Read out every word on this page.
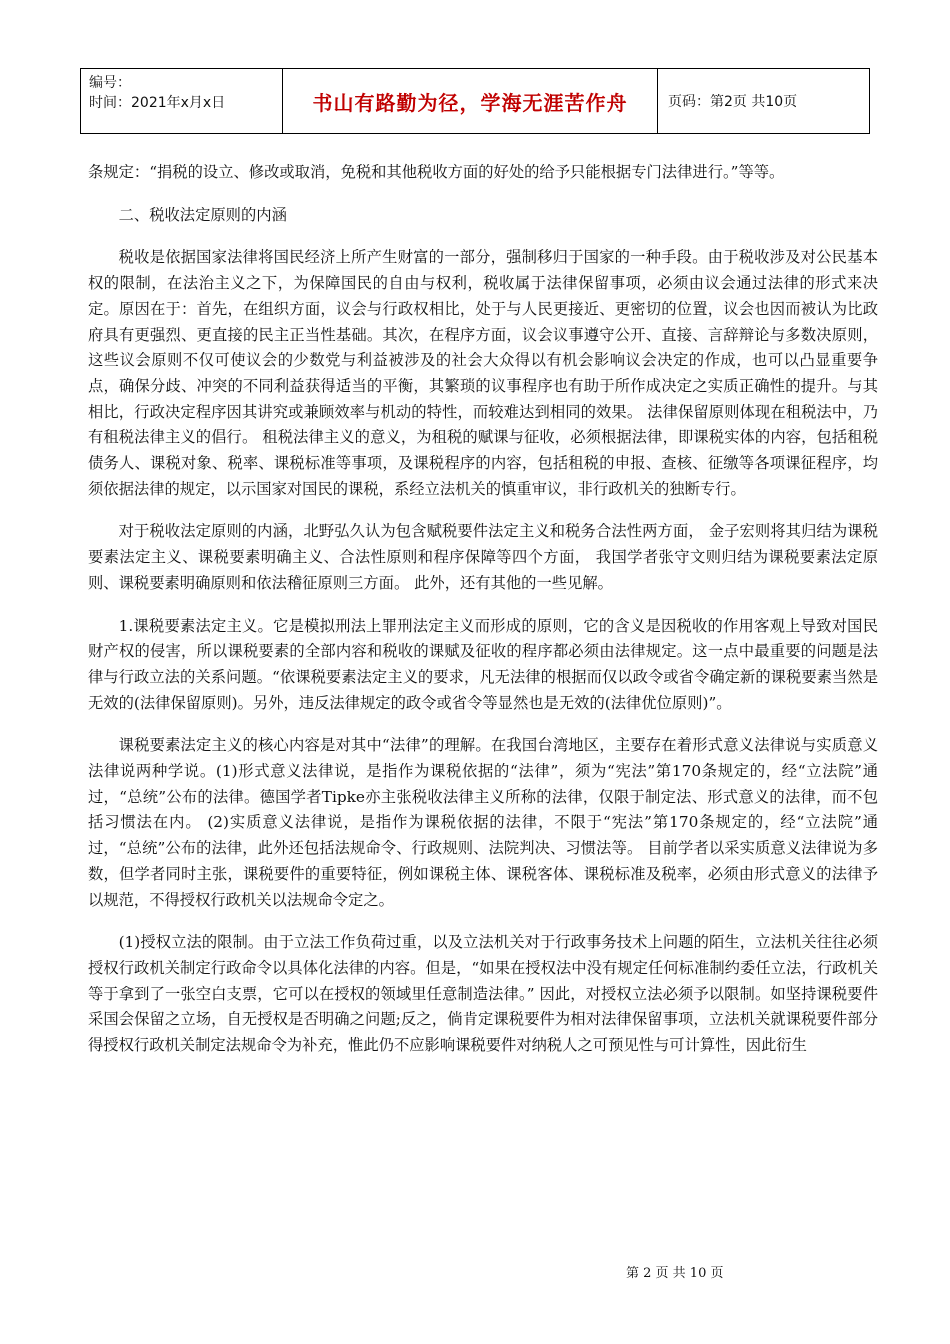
编号：
时间：2021年x月x日	书山有路勤为径，学海无涯苦作舟	页码：第2页 共10页

条规定：“捐税的设立、修改或取消，免税和其他税收方面的好处的给予只能根据专门法律进行。”等等。

二、税收法定原则的内涵

税收是依据国家法律将国民经济上所产生财富的一部分，强制移归于国家的一种手段。由于税收涉及对公民基本权的限制，在法治主义之下，为保障国民的自由与权利，税收属于法律保留事项，必须由议会通过法律的形式来决定。原因在于：首先，在组织方面，议会与行政权相比，处于与人民更接近、更密切的位置，议会也因而被认为比政府具有更强烈、更直接的民主正当性基础。其次，在程序方面，议会议事遵守公开、直接、言辞辩论与多数决原则，这些议会原则不仅可使议会的少数党与利益被涉及的社会大众得以有机会影响议会决定的作成，也可以凸显重要争点，确保分歧、冲突的不同利益获得适当的平衡，其繁琐的议事程序也有助于所作成决定之实质正确性的提升。与其相比，行政决定程序因其讲究或兼顾效率与机动的特性，而较难达到相同的效果。 法律保留原则体现在租税法中，乃有租税法律主义的倡行。 租税法律主义的意义，为租税的赋课与征收，必须根据法律，即课税实体的内容，包括租税债务人、课税对象、税率、课税标准等事项，及课税程序的内容，包括租税的申报、查核、征缴等各项课征程序，均须依据法律的规定，以示国家对国民的课税，系经立法机关的慎重审议，非行政机关的独断专行。

对于税收法定原则的内涵，北野弘久认为包含赋税要件法定主义和税务合法性两方面， 金子宏则将其归结为课税要素法定主义、课税要素明确主义、合法性原则和程序保障等四个方面， 我国学者张守文则归结为课税要素法定原则、课税要素明确原则和依法稽征原则三方面。 此外，还有其他的一些见解。

1.课税要素法定主义。它是模拟刑法上罪刑法定主义而形成的原则，它的含义是因税收的作用客观上导致对国民财产权的侵害，所以课税要素的全部内容和税收的课赋及征收的程序都必须由法律规定。这一点中最重要的问题是法律与行政立法的关系问题。“依课税要素法定主义的要求，凡无法律的根据而仅以政令或省令确定新的课税要素当然是无效的(法律保留原则)。另外，违反法律规定的政令或省令等显然也是无效的(法律优位原则)”。

课税要素法定主义的核心内容是对其中“法律”的理解。在我国台湾地区，主要存在着形式意义法律说与实质意义法律说两种学说。(1)形式意义法律说，是指作为课税依据的“法律”，须为“宪法”第170条规定的，经“立法院”通过，“总统”公布的法律。德国学者Tipke亦主张税收法律主义所称的法律，仅限于制定法、形式意义的法律，而不包括习惯法在内。 (2)实质意义法律说，是指作为课税依据的法律，不限于“宪法”第170条规定的，经“立法院”通过，“总统”公布的法律，此外还包括法规命令、行政规则、法院判决、习惯法等。 目前学者以采实质意义法律说为多数，但学者同时主张，课税要件的重要特征，例如课税主体、课税客体、课税标准及税率，必须由形式意义的法律予以规范，不得授权行政机关以法规命令定之。

(1)授权立法的限制。由于立法工作负荷过重，以及立法机关对于行政事务技术上问题的陌生，立法机关往往必须授权行政机关制定行政命令以具体化法律的内容。但是，“如果在授权法中没有规定任何标准制约委任立法，行政机关等于拿到了一张空白支票，它可以在授权的领域里任意制造法律。” 因此，对授权立法必须予以限制。如坚持课税要件采国会保留之立场，自无授权是否明确之问题;反之，倘肯定课税要件为相对法律保留事项，立法机关就课税要件部分得授权行政机关制定法规命令为补充，惟此仍不应影响课税要件对纳税人之可预见性与可计算性，因此衍生

第 2 页 共 10 页
